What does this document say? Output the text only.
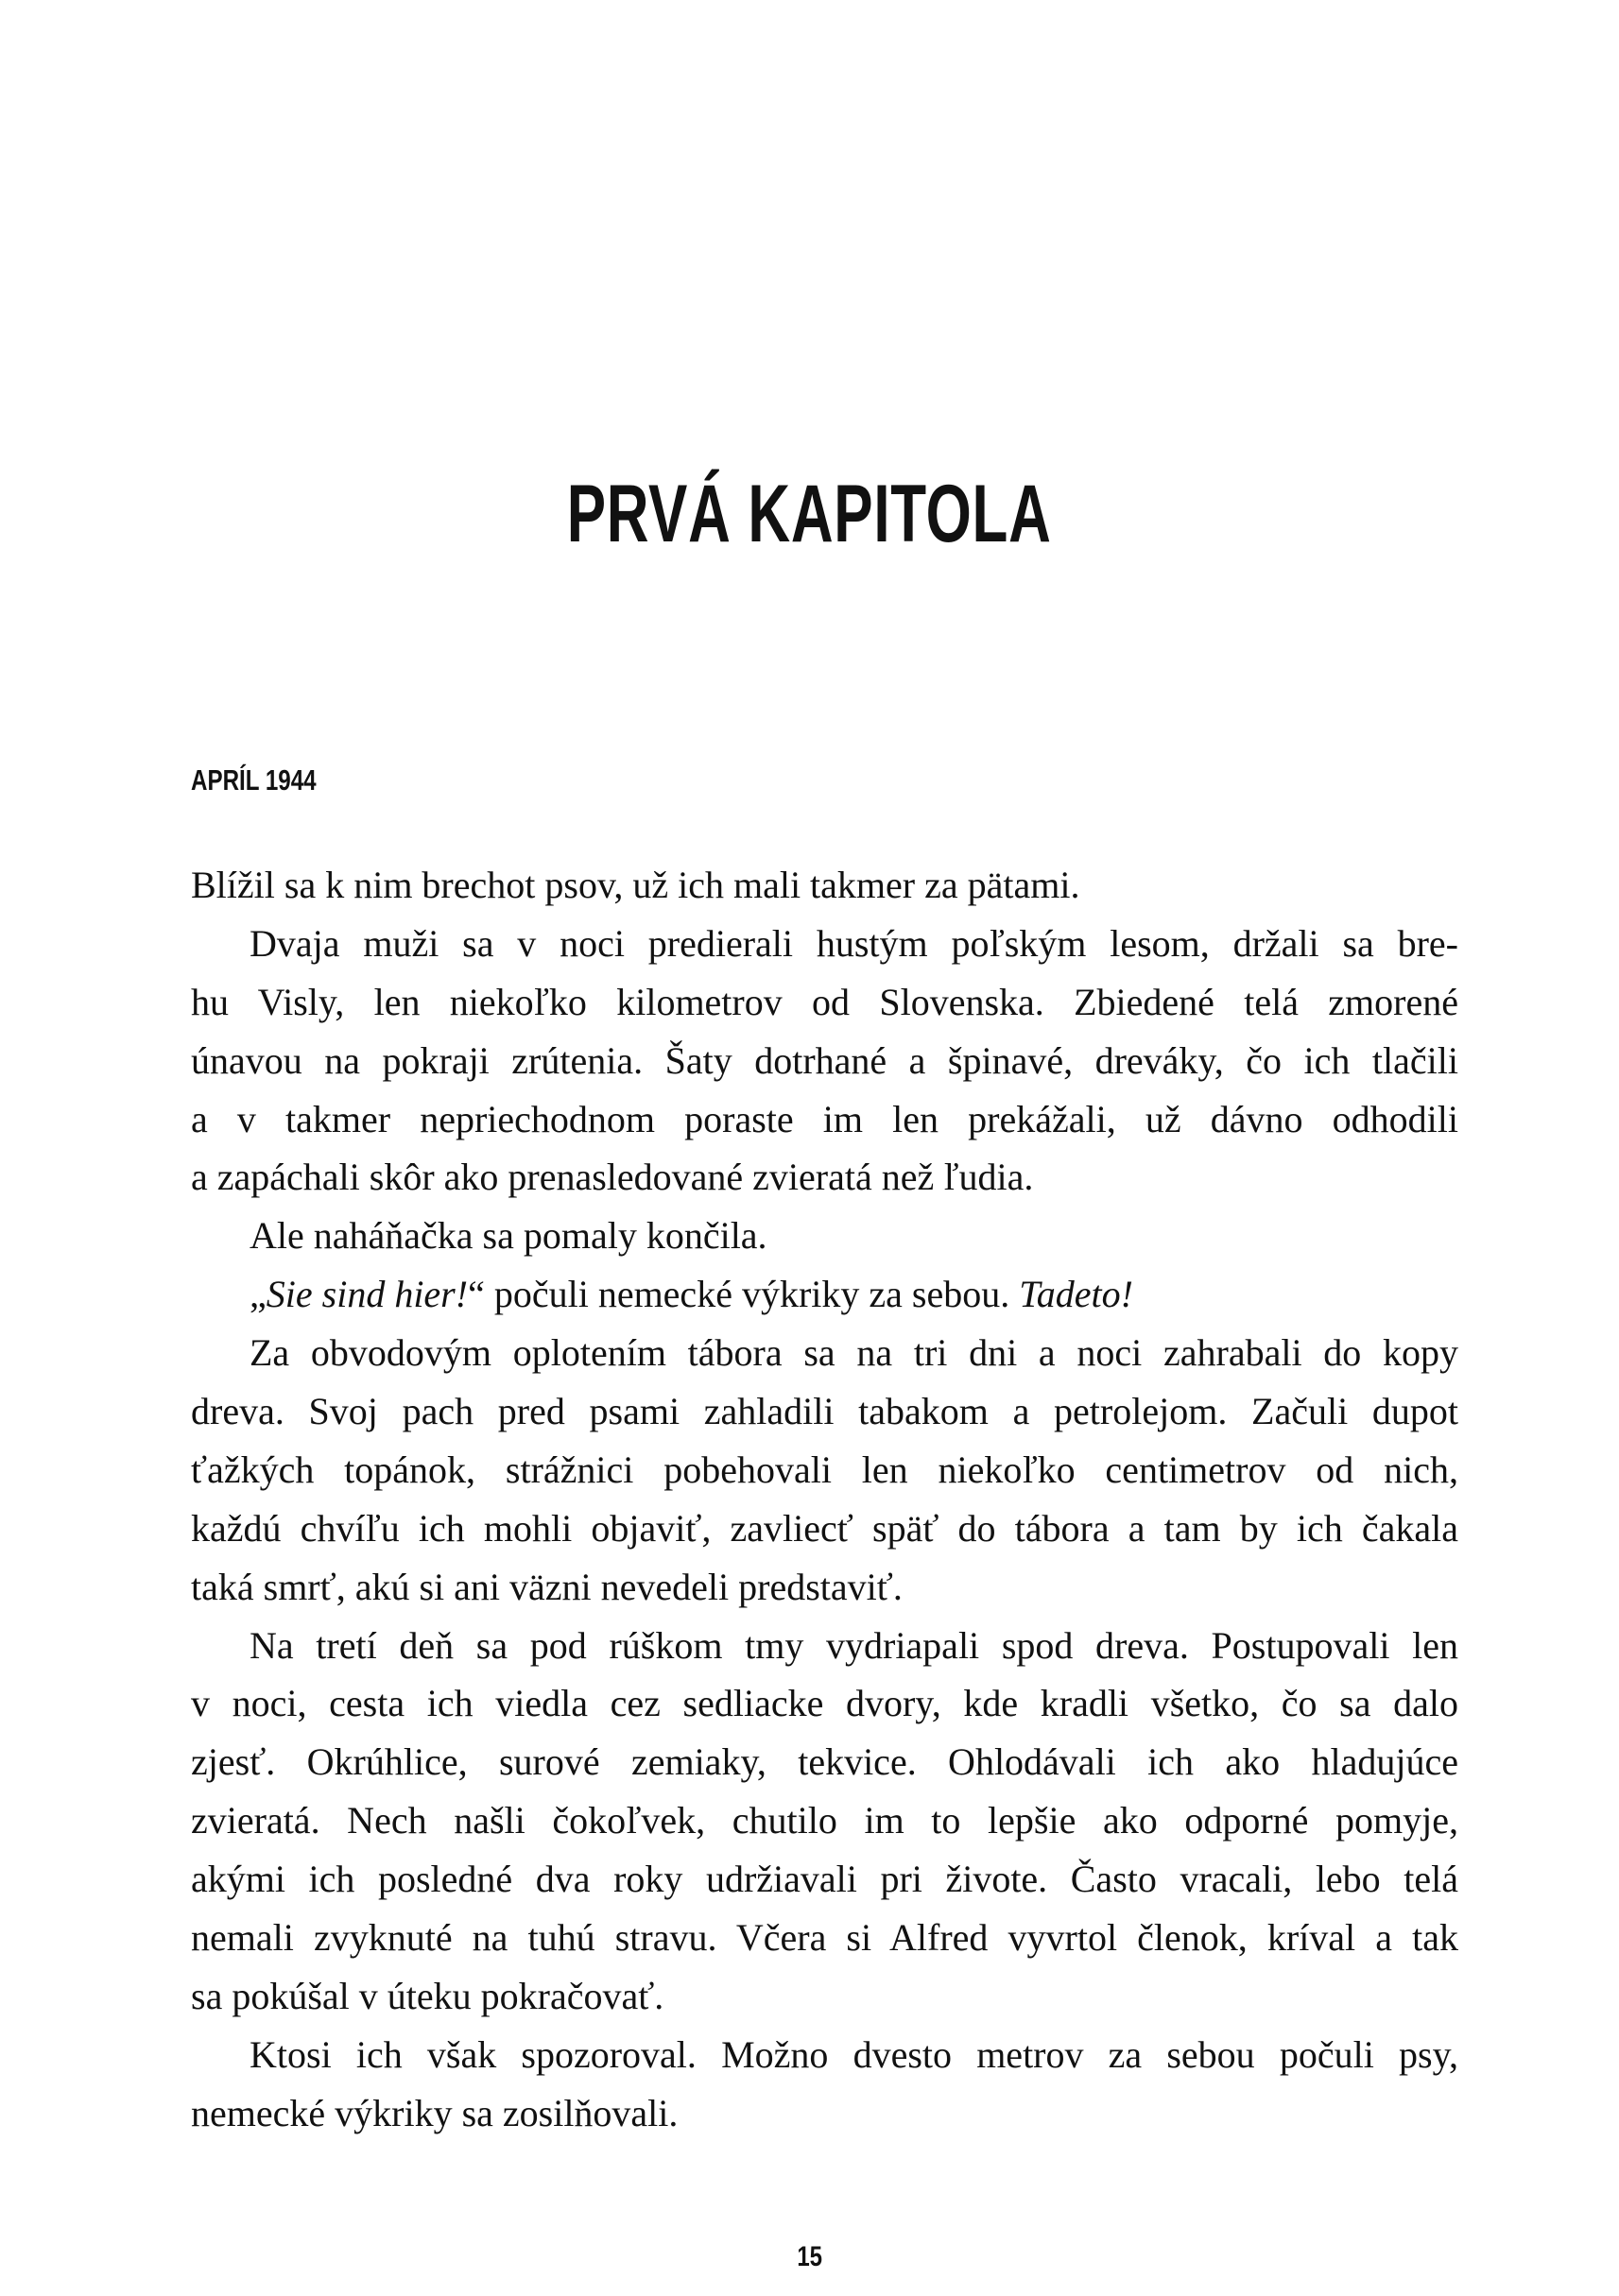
PRVÁ KAPITOLA
APRÍL 1944
Blížil sa k nim brechot psov, už ich mali takmer za pätami.
Dvaja muži sa v noci predierali hustým poľským lesom, držali sa bre-
hu Visly, len niekoľko kilometrov od Slovenska. Zbiedené telá zmorené
únavou na pokraji zrútenia. Šaty dotrhané a špinavé, dreváky, čo ich tlačili
a v takmer nepriechodnom poraste im len prekážali, už dávno odhodili
a zapáchali skôr ako prenasledované zvieratá než ľudia.
Ale naháňačka sa pomaly končila.
„Sie sind hier!“ počuli nemecké výkriky za sebou. Tadeto!
Za obvodovým oplotením tábora sa na tri dni a noci zahrabali do kopy
dreva. Svoj pach pred psami zahladili tabakom a petrolejom. Začuli dupot
ťažkých topánok, strážnici pobehovali len niekoľko centimetrov od nich,
každú chvíľu ich mohli objaviť, zavliecť späť do tábora a tam by ich čakala
taká smrť, akú si ani väzni nevedeli predstaviť.
Na tretí deň sa pod rúškom tmy vydriapali spod dreva. Postupovali len
v noci, cesta ich viedla cez sedliacke dvory, kde kradli všetko, čo sa dalo
zjesť. Okrúhlice, surové zemiaky, tekvice. Ohlodávali ich ako hladujúce
zvieratá. Nech našli čokoľvek, chutilo im to lepšie ako odporné pomyje,
akými ich posledné dva roky udržiavali pri živote. Často vracali, lebo telá
nemali zvyknuté na tuhú stravu. Včera si Alfred vyvrtol členok, kríval a tak
sa pokúšal v úteku pokračovať.
Ktosi ich však spozoroval. Možno dvesto metrov za sebou počuli psy,
nemecké výkriky sa zosilňovali.
15
